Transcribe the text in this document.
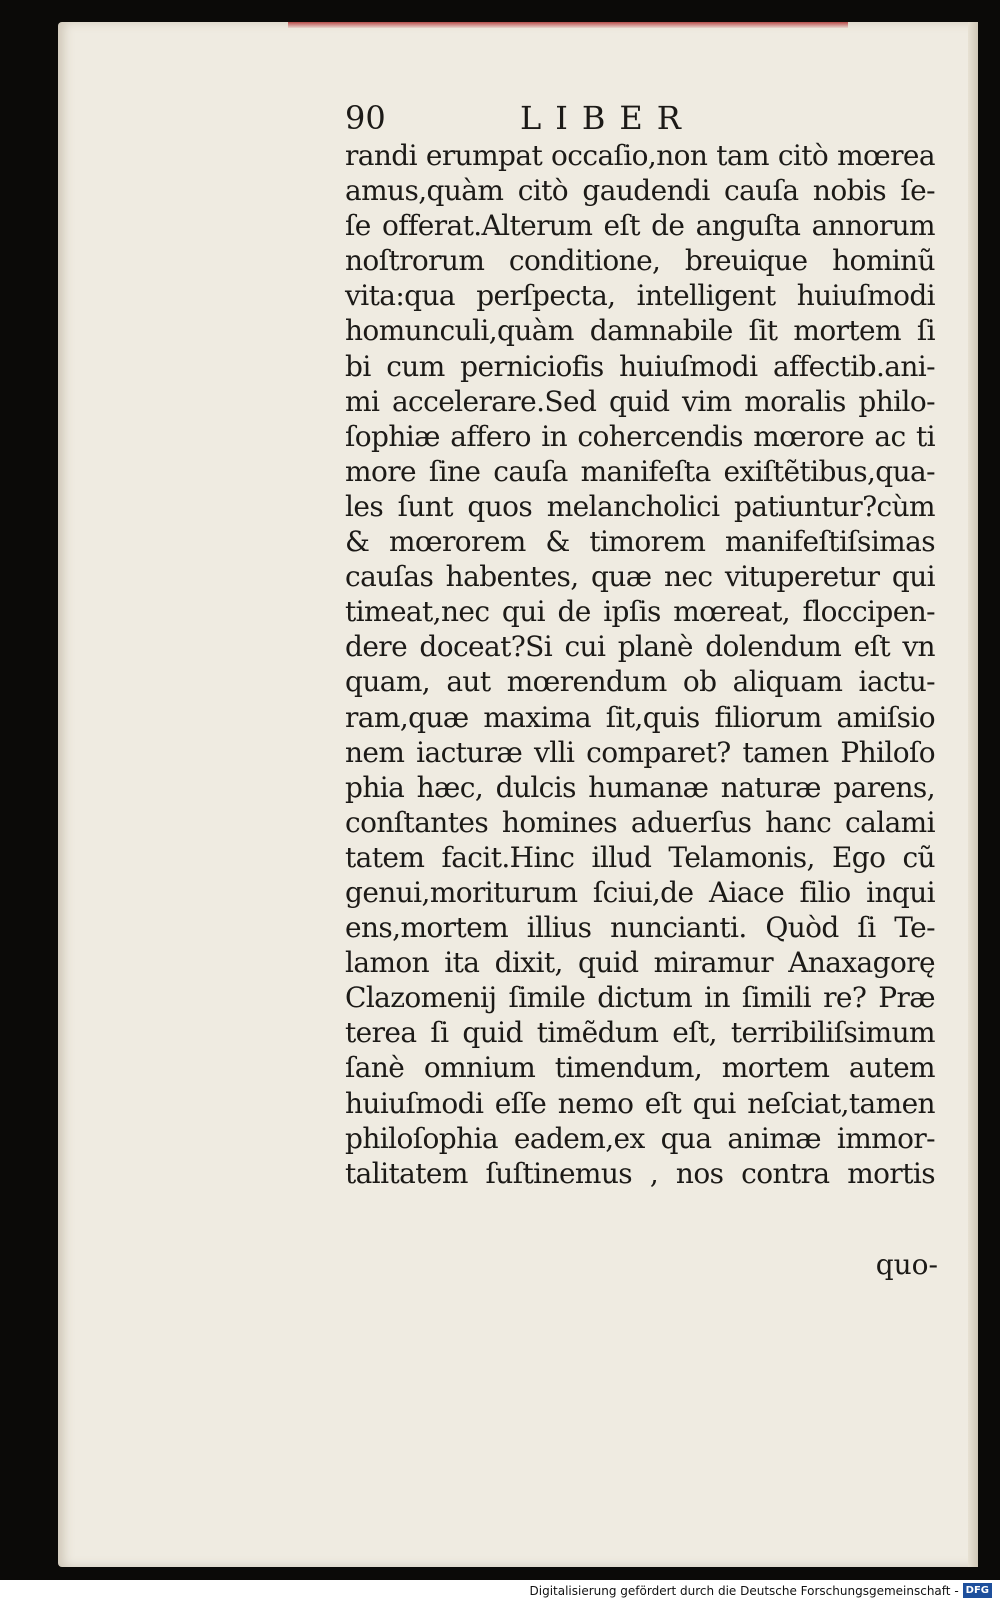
90	LIBER
randi erumpat occaſio,non tam citò mœrea
amus,quàm citò gaudendi cauſa nobis ſe-
ſe offerat.Alterum eſt de anguſta annorum
noſtrorum conditione, breuique hominũ
vita:qua perſpecta, intelligent huiuſmodi
homunculi,quàm damnabile ſit mortem ſi
bi cum perniciofis huiuſmodi affectib.ani-
mi accelerare.Sed quid vim moralis philo-
ſophiæ affero in cohercendis mœrore ac ti
more ſine cauſa manifeſta exiſtẽtibus,qua-
les ſunt quos melancholici patiuntur?cùm
& mœrorem & timorem manifeſtiſsimas
cauſas habentes, quæ nec vituperetur qui
timeat,nec qui de ipſis mœreat, floccipen-
dere doceat?Si cui planè dolendum eſt vn
quam, aut mœrendum ob aliquam iactu-
ram,quæ maxima ſit,quis filiorum amiſsio
nem iacturæ vlli comparet? tamen Philoſo
phia hæc, dulcis humanæ naturæ parens,
conſtantes homines aduerſus hanc calami
tatem facit.Hinc illud Telamonis, Ego cũ
genui,moriturum ſciui,de Aiace filio inqui
ens,mortem illius nuncianti. Quòd ſi Te-
lamon ita dixit, quid miramur Anaxagorę
Clazomenij ſimile dictum in ſimili re? Præ
terea ſi quid timẽdum eſt, terribiliſsimum
ſanè omnium timendum, mortem autem
huiuſmodi eſſe nemo eſt qui neſciat,tamen
philoſophia eadem,ex qua animæ immor-
talitatem ſuſtinemus , nos contra mortis
quo-
Digitalisierung gefördert durch die Deutsche Forschungsgemeinschaft - DFG
